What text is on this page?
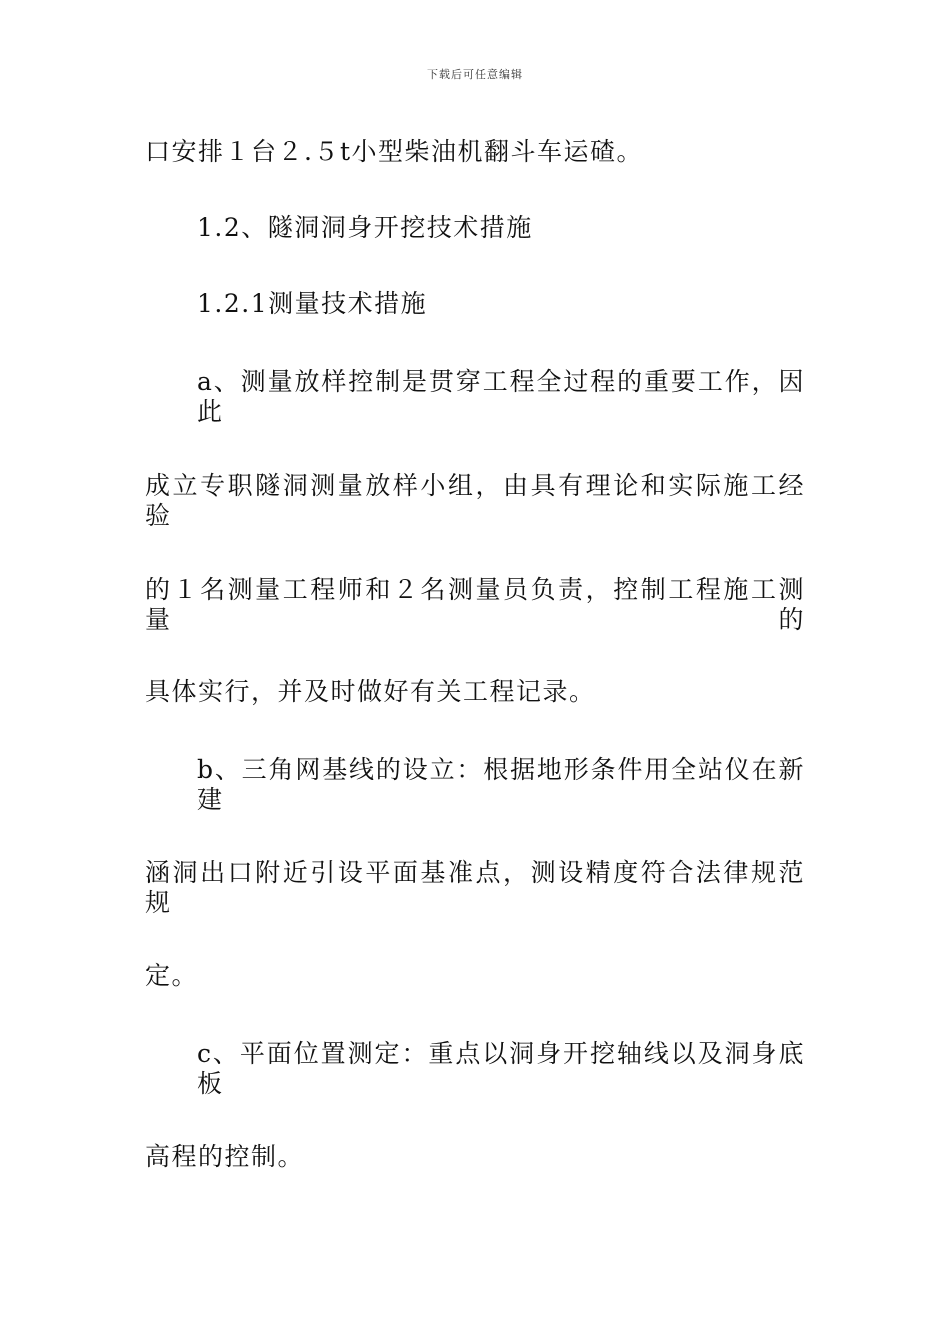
下载后可任意编辑
口安排１台２.５t小型柴油机翻斗车运碴。
1.2、隧洞洞身开挖技术措施
1.2.1测量技术措施
a、测量放样控制是贯穿工程全过程的重要工作，因此
成立专职隧洞测量放样小组，由具有理论和实际施工经验
的１名测量工程师和２名测量员负责，控制工程施工测量的
具体实行，并及时做好有关工程记录。
b、三角网基线的设立：根据地形条件用全站仪在新建
涵洞出口附近引设平面基准点，测设精度符合法律规范规
定。
c、平面位置测定：重点以洞身开挖轴线以及洞身底板
高程的控制。
